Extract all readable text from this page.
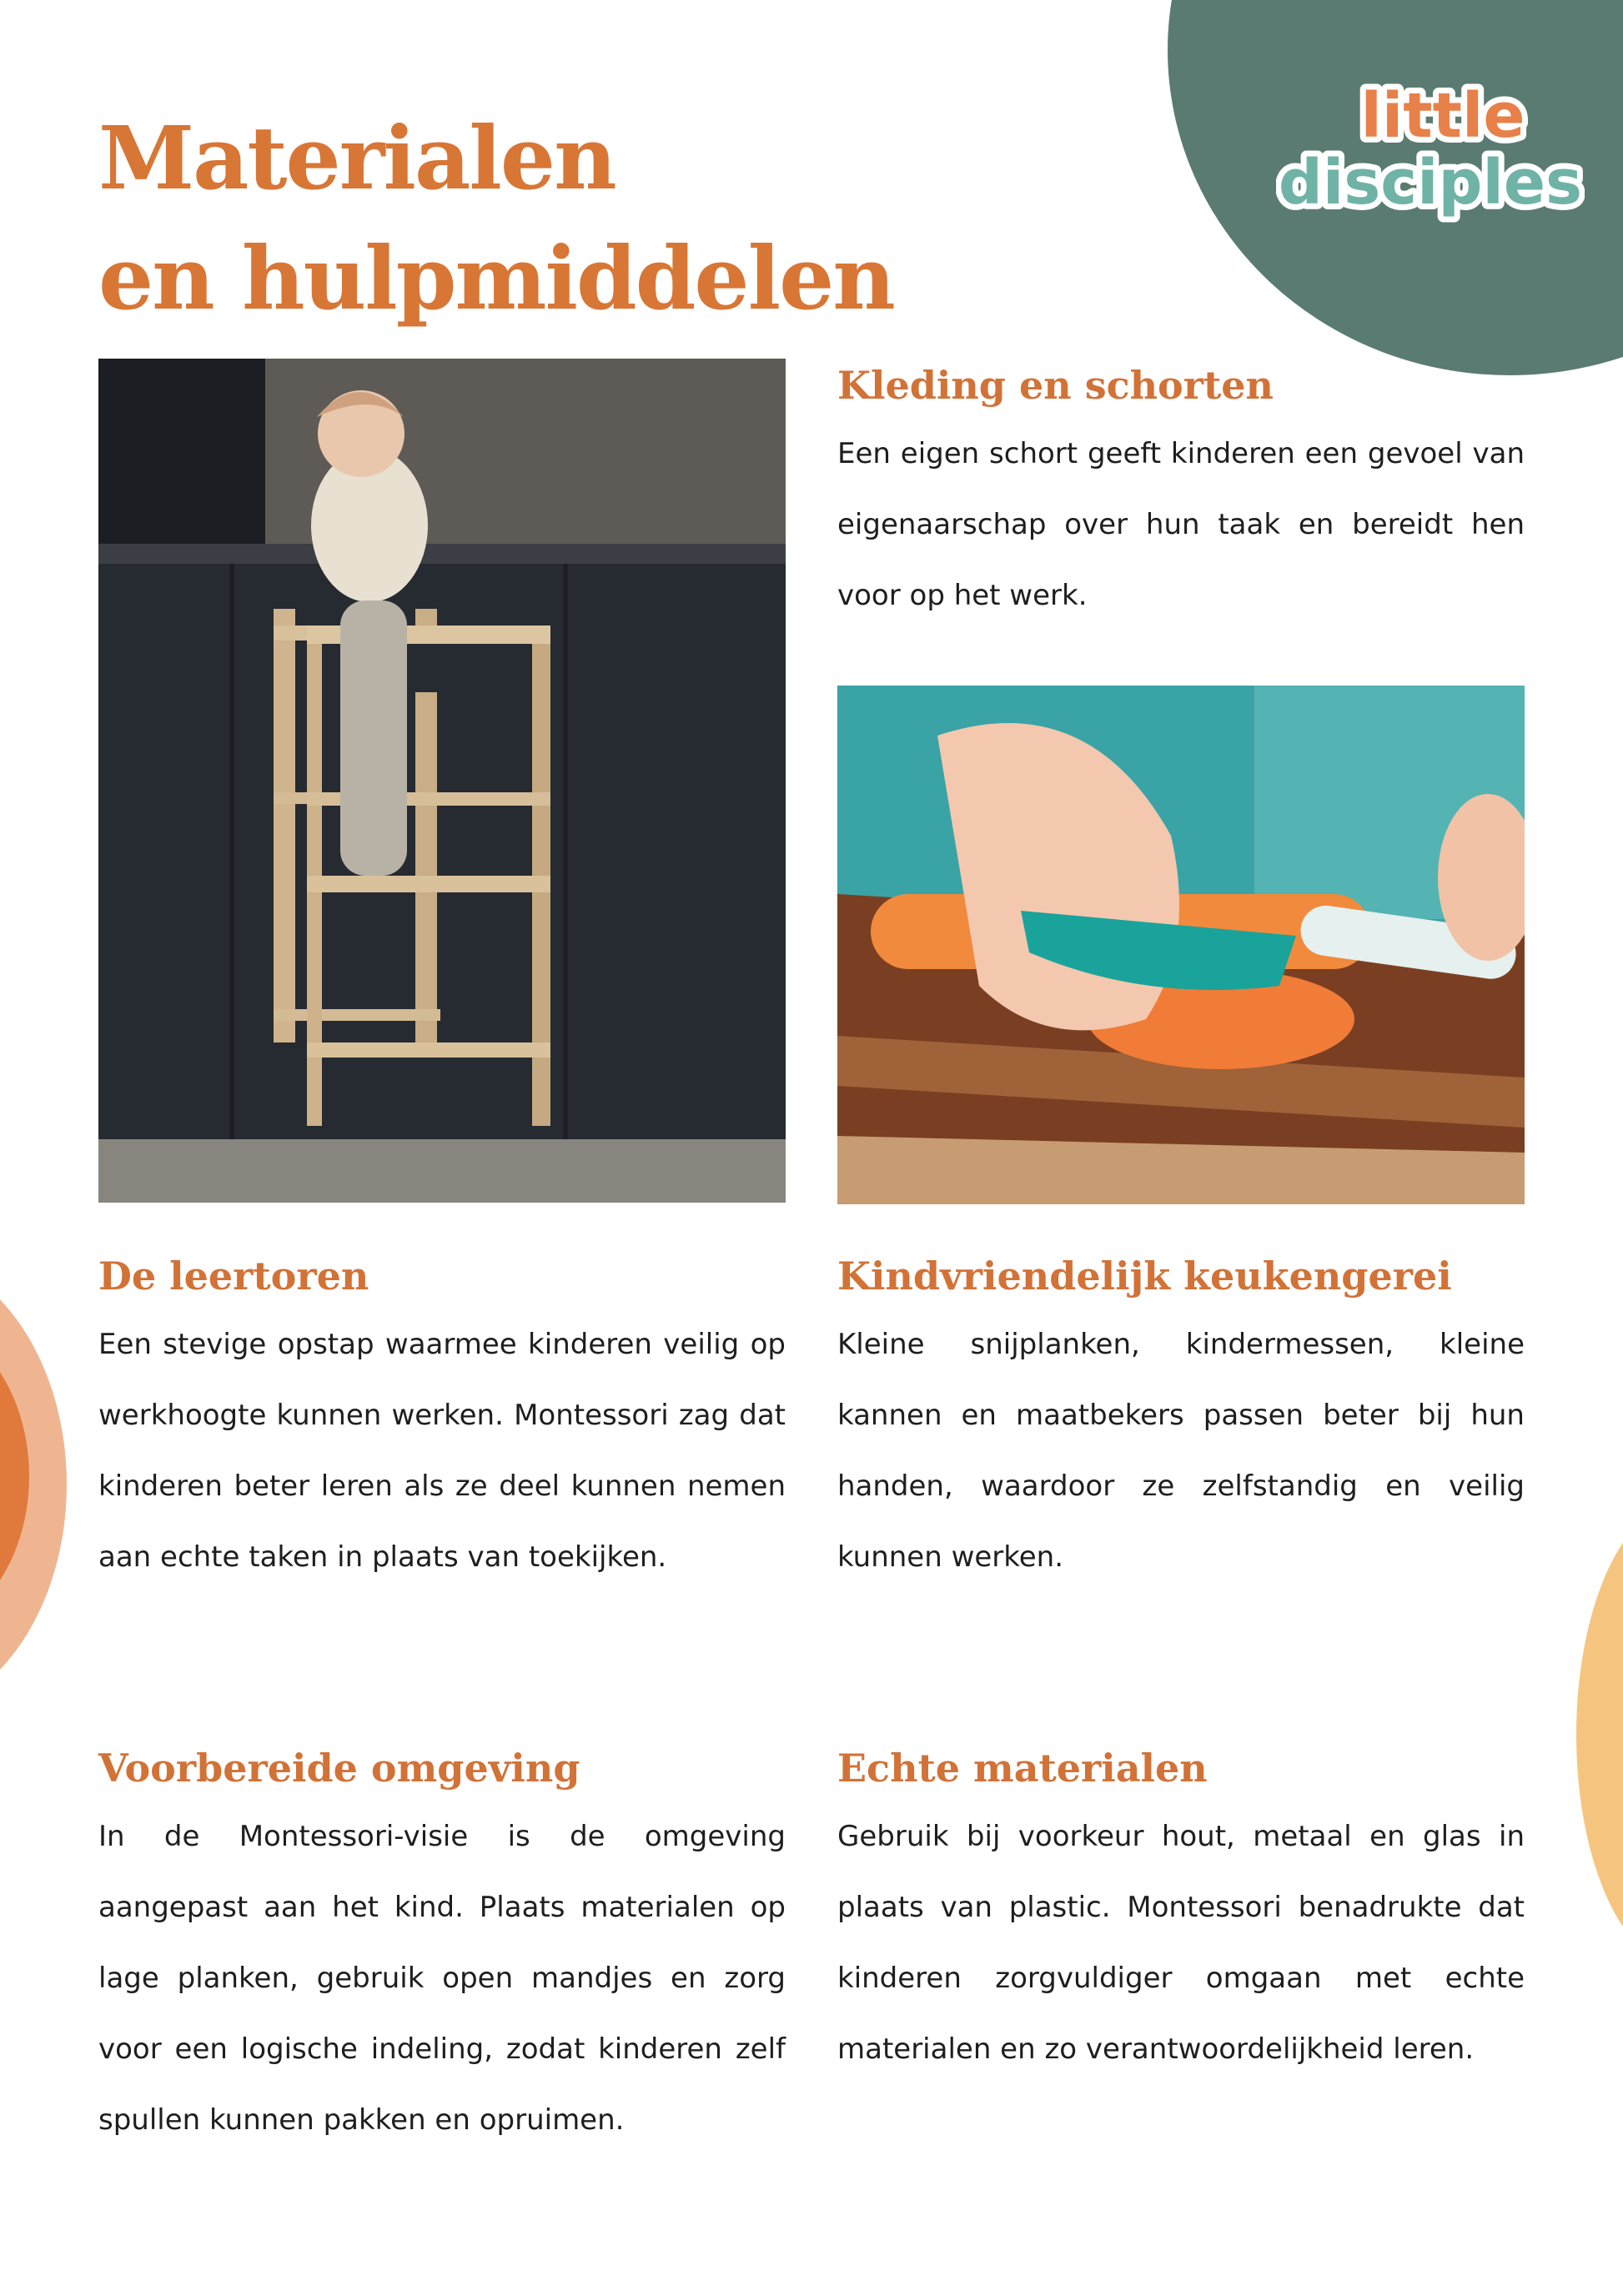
little
disciples
Materialen
en hulpmiddelen
Kleding en schorten

Een eigen schort geeft kinderen een gevoel van eigenaarschap over hun taak en bereidt hen voor op het werk.

De leertoren

Een stevige opstap waarmee kinderen veilig op werkhoogte kunnen werken. Montessori zag dat kinderen beter leren als ze deel kunnen nemen aan echte taken in plaats van toekijken.

Kindvriendelijk keukengerei

Kleine snijplanken, kindermessen, kleine kannen en maatbekers passen beter bij hun handen, waardoor ze zelfstandig en veilig kunnen werken.

Voorbereide omgeving

In de Montessori-visie is de omgeving aangepast aan het kind. Plaats materialen op lage planken, gebruik open mandjes en zorg voor een logische indeling, zodat kinderen zelf spullen kunnen pakken en opruimen.

Echte materialen

Gebruik bij voorkeur hout, metaal en glas in plaats van plastic. Montessori benadrukte dat kinderen zorgvuldiger omgaan met echte materialen en zo verantwoordelijkheid leren.
